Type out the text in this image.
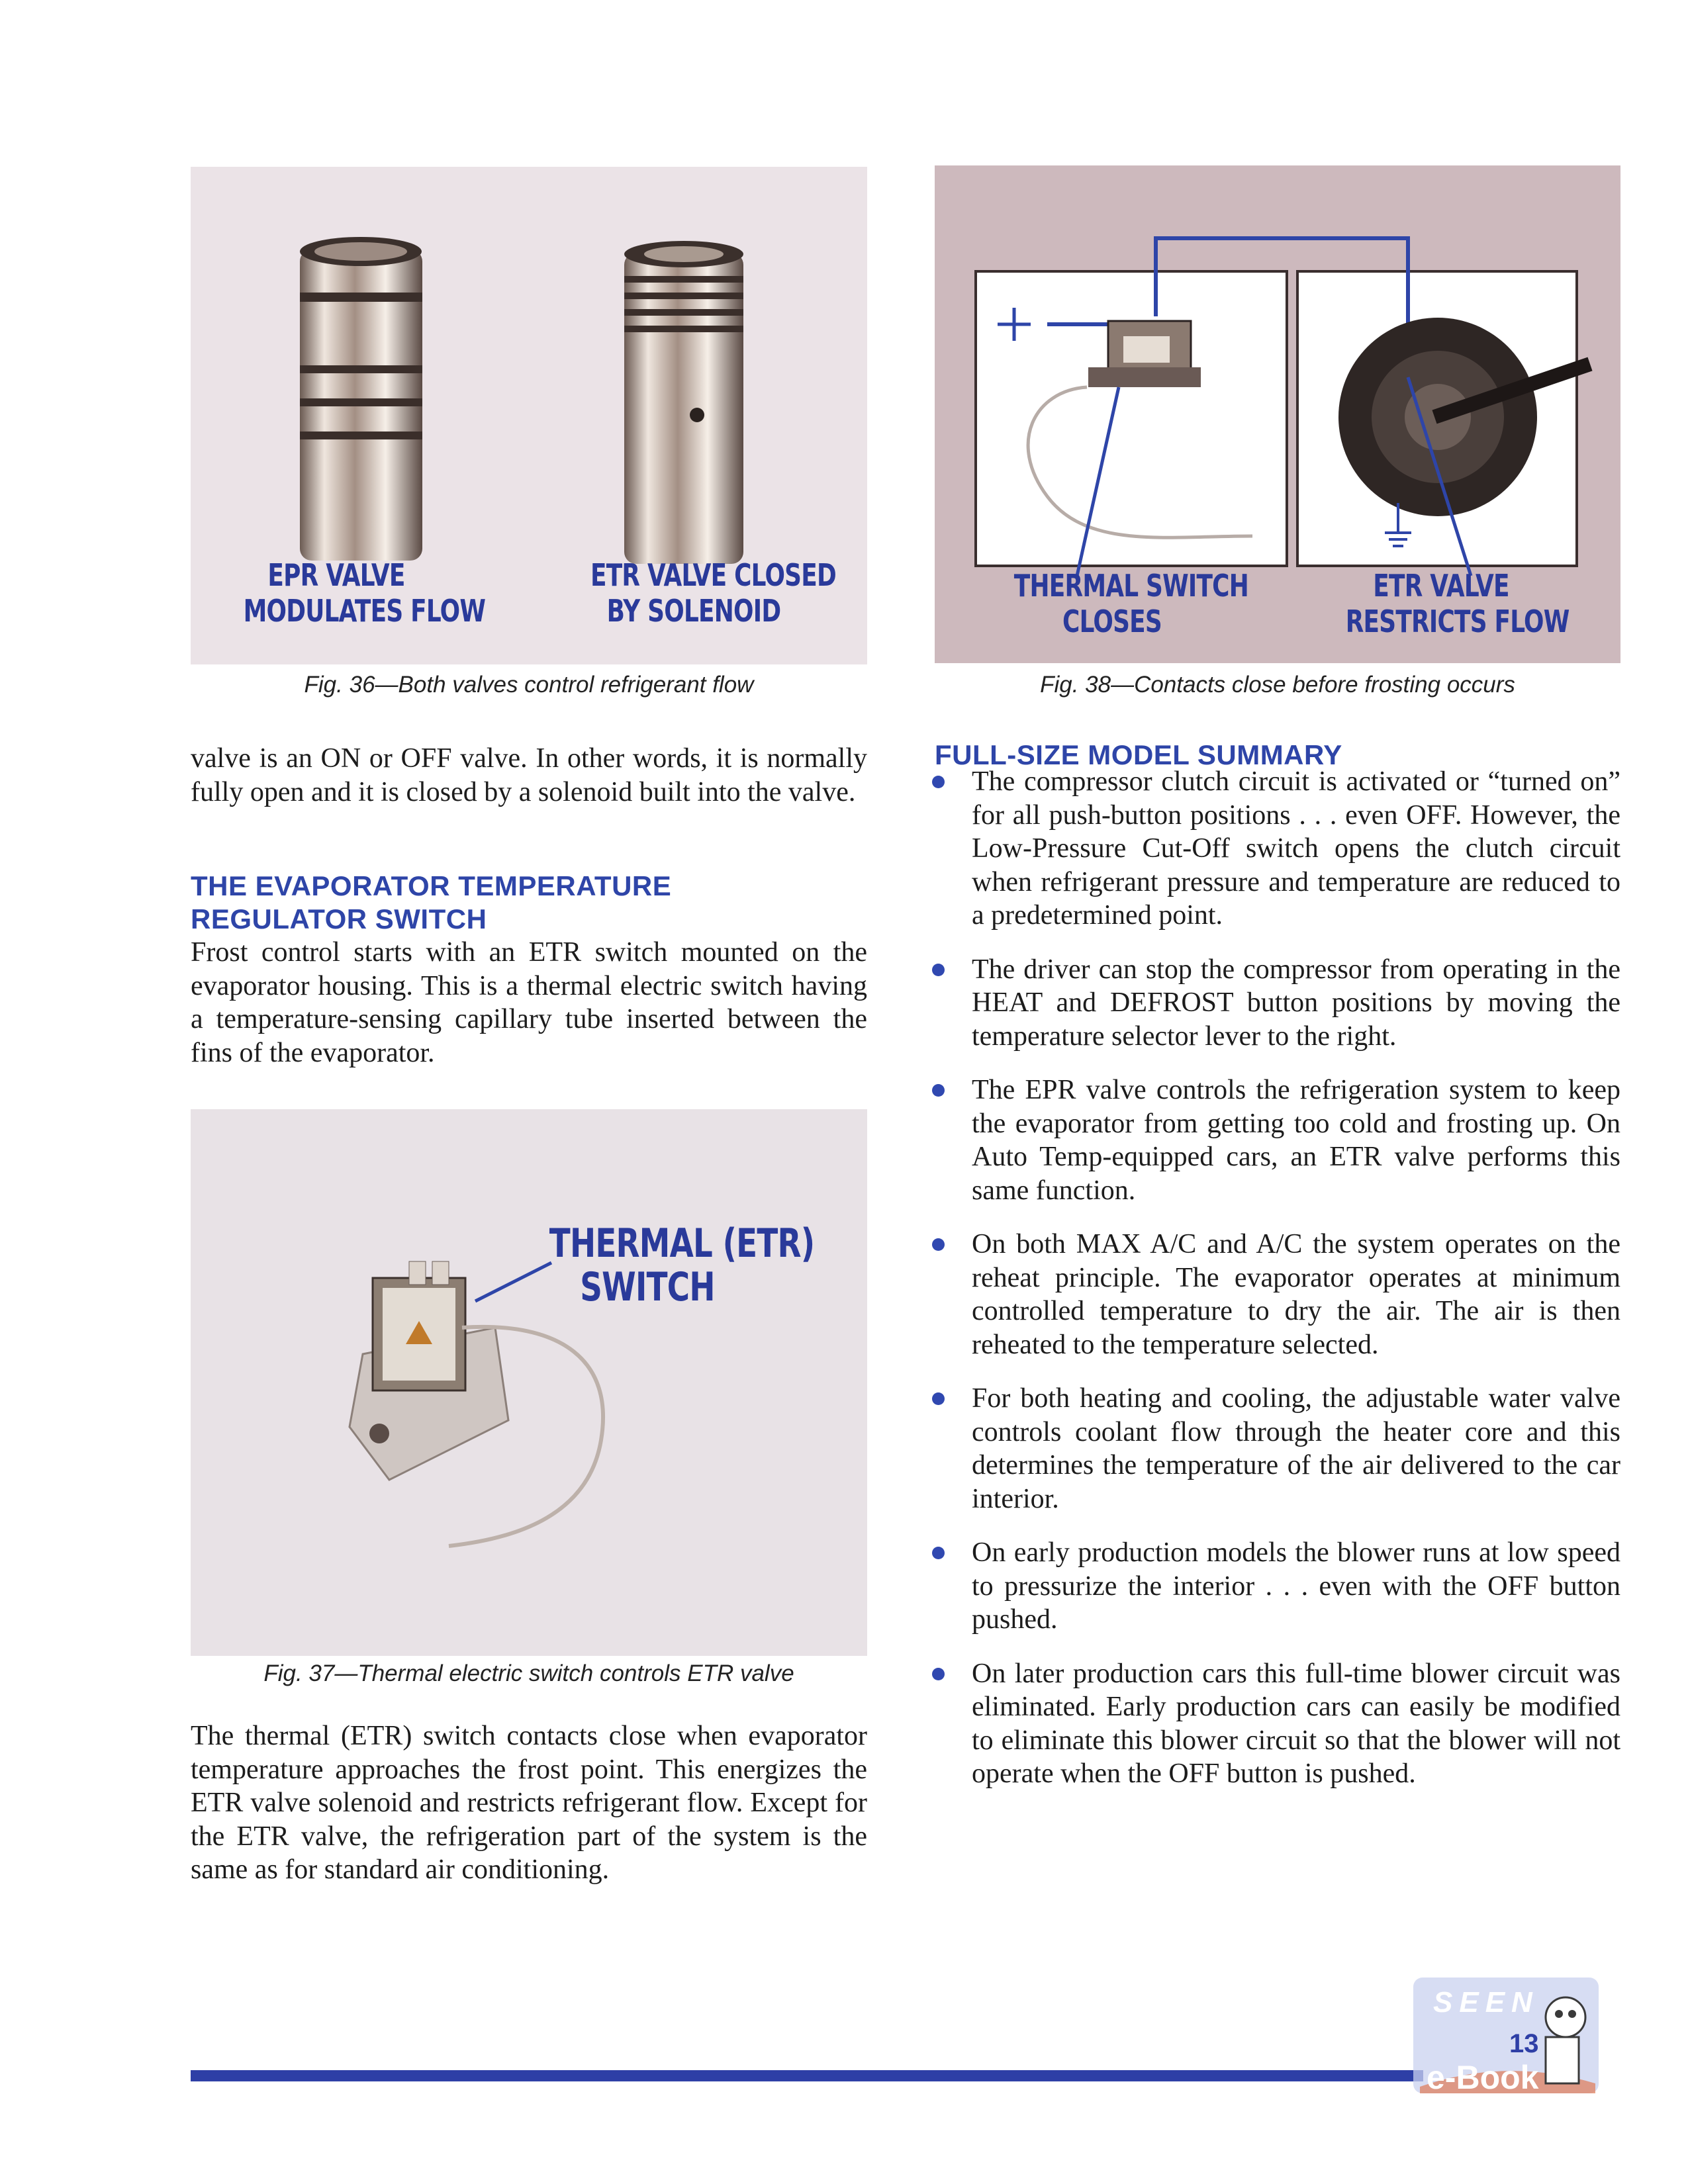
EPR VALVE
MODULATES FLOW
ETR VALVE CLOSED
BY SOLENOID
Fig. 36—Both valves control refrigerant flow
THERMAL SWITCH
CLOSES
ETR VALVE
RESTRICTS FLOW
Fig. 38—Contacts close before frosting occurs
valve is an ON or OFF valve. In other words, it is normally fully open and it is closed by a solenoid built into the valve.
THE EVAPORATOR TEMPERATURE
REGULATOR SWITCH
Frost control starts with an ETR switch mounted on the evaporator housing. This is a thermal electric switch having a temperature-sensing capillary tube inserted between the fins of the evaporator.
THERMAL (ETR)
SWITCH
Fig. 37—Thermal electric switch controls ETR valve
The thermal (ETR) switch contacts close when evaporator temperature approaches the frost point. This energizes the ETR valve solenoid and restricts refrigerant flow. Except for the ETR valve, the refrigeration part of the system is the same as for standard air conditioning.
FULL-SIZE MODEL SUMMARY
The compressor clutch circuit is activated or “turned on” for all push-button positions . . . even OFF. However, the Low-Pressure Cut-Off switch opens the clutch circuit when refrigerant pressure and temperature are reduced to a predetermined point.
The driver can stop the compressor from operating in the HEAT and DEFROST button positions by moving the temperature selector lever to the right.
The EPR valve controls the refrigeration system to keep the evaporator from getting too cold and frosting up. On Auto Temp-equipped cars, an ETR valve performs this same function.
On both MAX A/C and A/C the system operates on the reheat principle. The evaporator operates at minimum controlled temperature to dry the air. The air is then reheated to the temperature selected.
For both heating and cooling, the adjustable water valve controls coolant flow through the heater core and this determines the temperature of the air delivered to the car interior.
On early production models the blower runs at low speed to pressurize the interior . . . even with the OFF button pushed.
On later production cars this full-time blower circuit was eliminated. Early production cars can easily be modified to eliminate this blower circuit so that the blower will not operate when the OFF button is pushed.
SEEN
e-Book
13
